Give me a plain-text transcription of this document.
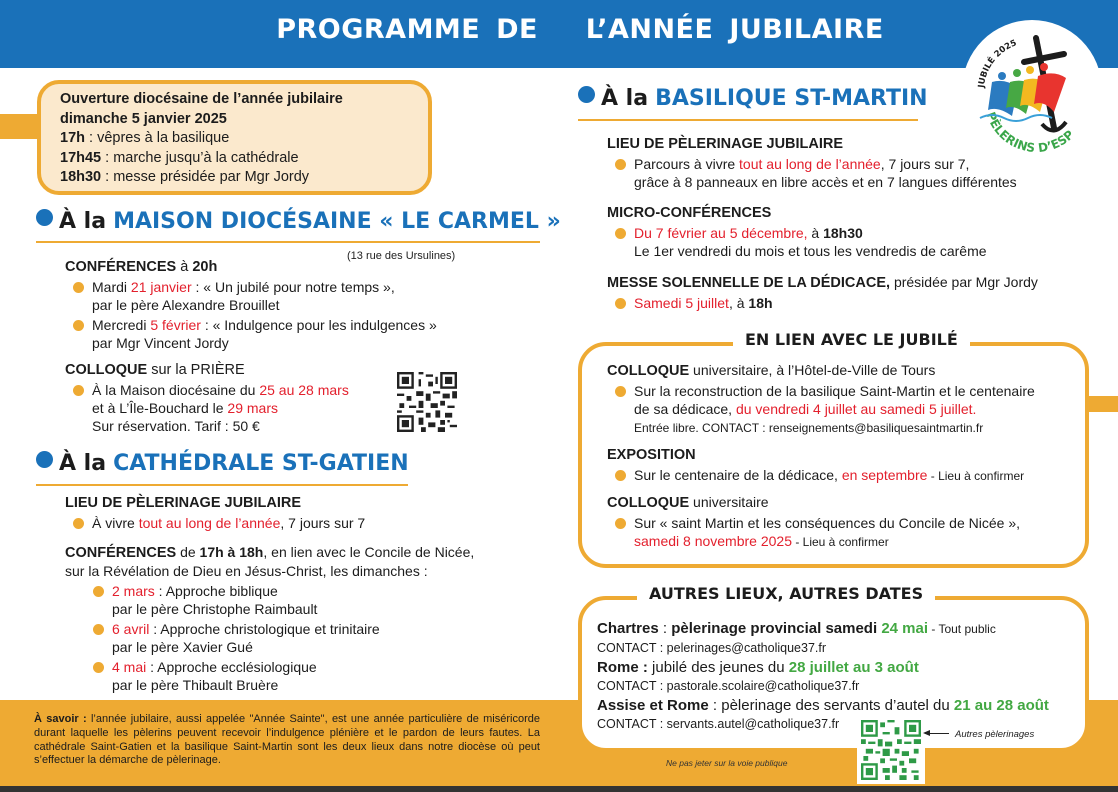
PROGRAMME DE   L’ANNÉE JUBILAIRE
JUBILÉ 2025
PÈLERINS D’ESP
Ouverture diocésaine de l’année jubilaire
dimanche 5 janvier 2025
17h : vêpres à la basilique
17h45 : marche jusqu’à la cathédrale
18h30 : messe présidée par Mgr Jordy
À la MAISON DIOCÉSAINE « LE CARMEL »
(13 rue des Ursulines)
CONFÉRENCES à 20h
Mardi 21 janvier : « Un jubilé pour notre temps »,
par le père Alexandre Brouillet
Mercredi 5 février : « Indulgence pour les indulgences »
par Mgr Vincent Jordy
COLLOQUE sur la PRIÈRE
À la Maison diocésaine du 25 au 28 mars
et à L’Île-Bouchard le 29 mars
Sur réservation. Tarif : 50 €
À la CATHÉDRALE ST-GATIEN
LIEU DE PÈLERINAGE JUBILAIRE
À vivre tout au long de l’année, 7 jours sur 7
CONFÉRENCES de 17h à 18h, en lien avec le Concile de Nicée,
sur la Révélation de Dieu en Jésus-Christ, les dimanches :
2 mars : Approche biblique
par le père Christophe Raimbault
6 avril : Approche christologique et trinitaire
par le père Xavier Gué
4 mai : Approche ecclésiologique
par le père Thibault Bruère
À savoir : l’année jubilaire, aussi appelée "Année Sainte", est une année particulière de miséricorde durant laquelle les pèlerins peuvent recevoir l’indulgence plénière et le pardon de leurs fautes. La cathédrale Saint-Gatien et la basilique Saint-Martin sont les deux lieux dans notre diocèse où peut s’effectuer la démarche de pèlerinage.
À la BASILIQUE ST-MARTIN
LIEU DE PÈLERINAGE JUBILAIRE
Parcours à vivre tout au long de l’année, 7 jours sur 7,
grâce à 8 panneaux en libre accès et en 7 langues différentes
MICRO-CONFÉRENCES
Du 7 février au 5 décembre, à 18h30
Le 1er vendredi du mois et tous les vendredis de carême
MESSE SOLENNELLE DE LA DÉDICACE, présidée par Mgr Jordy
Samedi 5 juillet, à 18h
EN LIEN AVEC LE JUBILÉ
COLLOQUE universitaire, à l’Hôtel-de-Ville de Tours
Sur la reconstruction de la basilique Saint-Martin et le centenaire
de sa dédicace, du vendredi 4 juillet au samedi 5 juillet.
Entrée libre. CONTACT : renseignements@basiliquesaintmartin.fr
EXPOSITION
Sur le centenaire de la dédicace, en septembre - Lieu à confirmer
COLLOQUE universitaire
Sur « saint Martin et les conséquences du Concile de Nicée »,
samedi 8 novembre 2025 - Lieu à confirmer
AUTRES LIEUX, AUTRES DATES
Chartres : pèlerinage provincial samedi 24 mai - Tout public
CONTACT : pelerinages@catholique37.fr
Rome : jubilé des jeunes du 28 juillet au 3 août
CONTACT : pastorale.scolaire@catholique37.fr
Assise et Rome : pèlerinage des servants d’autel du 21 au 28 août
CONTACT : servants.autel@catholique37.fr
Autres pèlerinages
Ne pas jeter sur la voie publique
